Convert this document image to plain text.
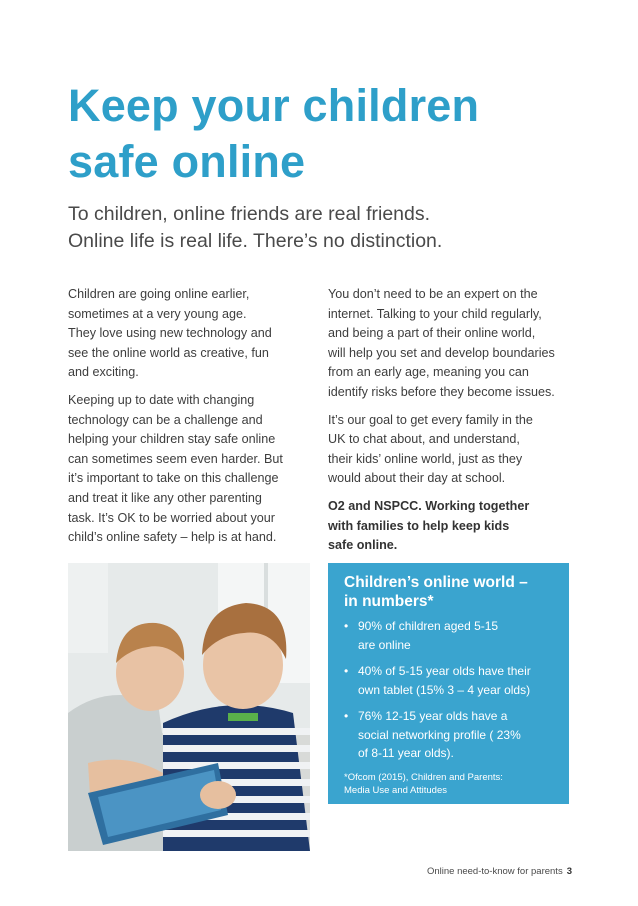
Keep your children
safe online
To children, online friends are real friends.
Online life is real life. There’s no distinction.

Children are going online earlier,
sometimes at a very young age.
They love using new technology and
see the online world as creative, fun
and exciting.

Keeping up to date with changing
technology can be a challenge and
helping your children stay safe online
can sometimes seem even harder. But
it’s important to take on this challenge
and treat it like any other parenting
task. It’s OK to be worried about your
child’s online safety – help is at hand.

You don’t need to be an expert on the
internet. Talking to your child regularly,
and being a part of their online world,
will help you set and develop boundaries
from an early age, meaning you can
identify risks before they become issues.

It’s our goal to get every family in the
UK to chat about, and understand,
their kids’ online world, just as they
would about their day at school.

O2 and NSPCC. Working together
with families to help keep kids
safe online.

Children’s online world –
in numbers*
• 90% of children aged 5-15
are online
• 40% of 5-15 year olds have their
own tablet (15% 3 – 4 year olds)
• 76% 12-15 year olds have a
social networking profile ( 23%
of 8-11 year olds).
*Ofcom (2015), Children and Parents:
Media Use and Attitudes
Online need-to-know for parents 3
